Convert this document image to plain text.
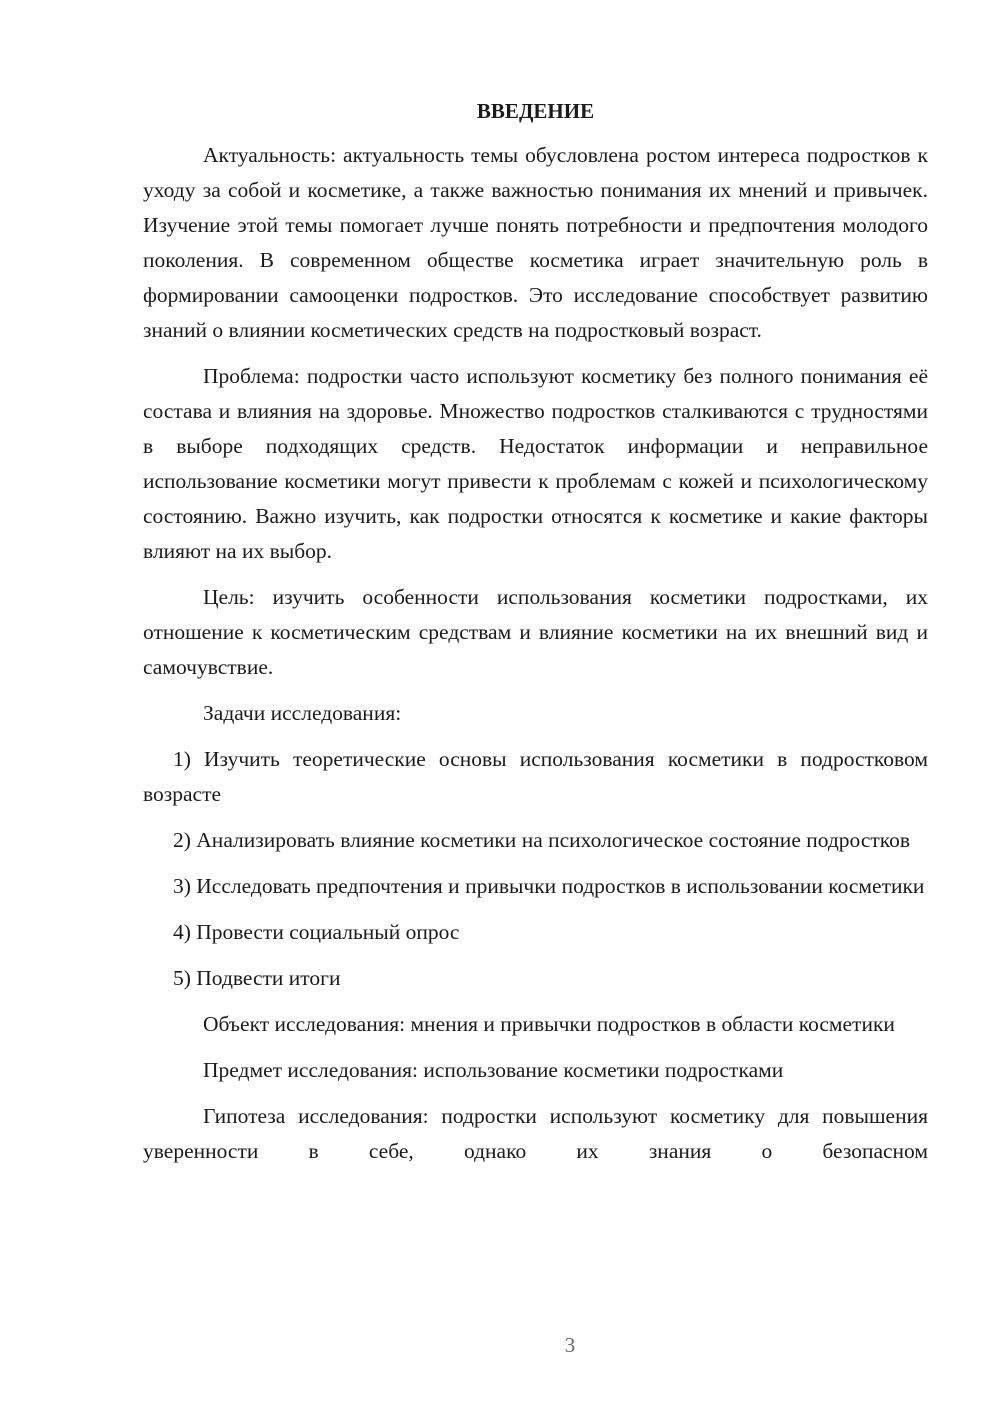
ВВЕДЕНИЕ

Актуальность: актуальность темы обусловлена ростом интереса подростков к уходу за собой и косметике, а также важностью понимания их мнений и привычек. Изучение этой темы помогает лучше понять потребности и предпочтения молодого поколения. В современном обществе косметика играет значительную роль в формировании самооценки подростков. Это исследование способствует развитию знаний о влиянии косметических средств на подростковый возраст.

Проблема: подростки часто используют косметику без полного понимания её состава и влияния на здоровье. Множество подростков сталкиваются с трудностями в выборе подходящих средств. Недостаток информации и неправильное использование косметики могут привести к проблемам с кожей и психологическому состоянию. Важно изучить, как подростки относятся к косметике и какие факторы влияют на их выбор.

Цель: изучить особенности использования косметики подростками, их отношение к косметическим средствам и влияние косметики на их внешний вид и самочувствие.

Задачи исследования:

1) Изучить теоретические основы использования косметики в подростковом возрасте

2) Анализировать влияние косметики на психологическое состояние подростков

3) Исследовать предпочтения и привычки подростков в использовании косметики

4) Провести социальный опрос

5) Подвести итоги

Объект исследования: мнения и привычки подростков в области косметики

Предмет исследования: использование косметики подростками

Гипотеза исследования: подростки используют косметику для повышения уверенности в себе, однако их знания о безопасном

3
